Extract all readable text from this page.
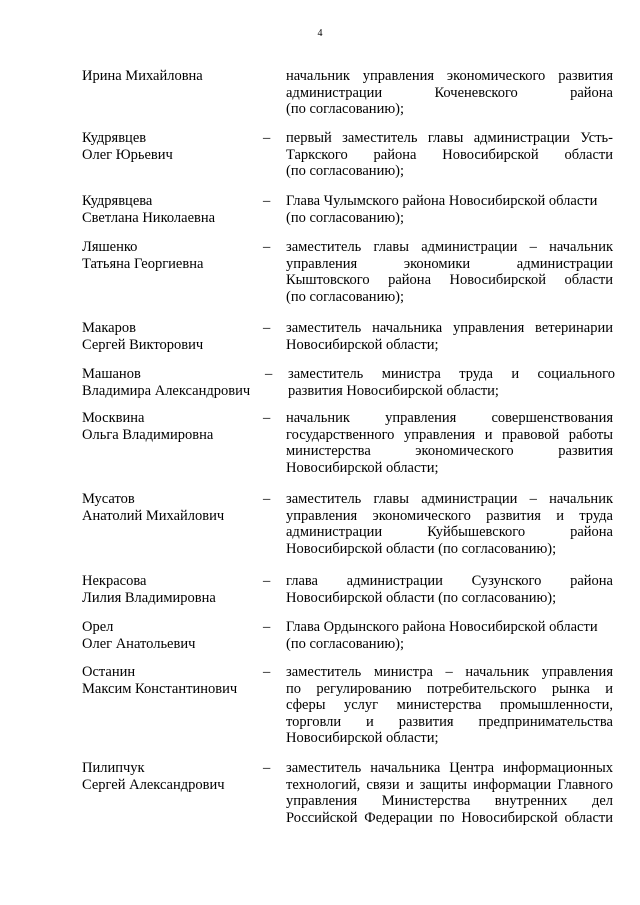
4
Ирина Михайловна	начальник управления экономического развития
администрации Коченевского района
(по согласованию);
Кудрявцев
Олег Юрьевич
– первый заместитель главы администрации Усть-
Таркского района Новосибирской области
(по согласованию);
Кудрявцева
Светлана Николаевна
– Глава Чулымского района Новосибирской области
(по согласованию);
Ляшенко
Татьяна Георгиевна
– заместитель главы администрации – начальник
управления экономики администрации
Кыштовского района Новосибирской области
(по согласованию);
Макаров
Сергей Викторович
– заместитель начальника управления ветеринарии
Новосибирской области;
Машанов
Владимира Александрович
– заместитель министра труда и социального
развития Новосибирской области;
Москвина
Ольга Владимировна
– начальник управления совершенствования
государственного управления и правовой работы
министерства экономического развития
Новосибирской области;
Мусатов
Анатолий Михайлович
– заместитель главы администрации – начальник
управления экономического развития и труда
администрации Куйбышевского района
Новосибирской области (по согласованию);
Некрасова
Лилия Владимировна
– глава администрации Сузунского района
Новосибирской области (по согласованию);
Орел
Олег Анатольевич
– Глава Ордынского района Новосибирской области
(по согласованию);
Останин
Максим Константинович
– заместитель министра – начальник управления
по регулированию потребительского рынка и
сферы услуг министерства промышленности,
торговли и развития предпринимательства
Новосибирской области;
Пилипчук
Сергей Александрович
– заместитель начальника Центра информационных
технологий, связи и защиты информации Главного
управления Министерства внутренних дел
Российской Федерации по Новосибирской области
